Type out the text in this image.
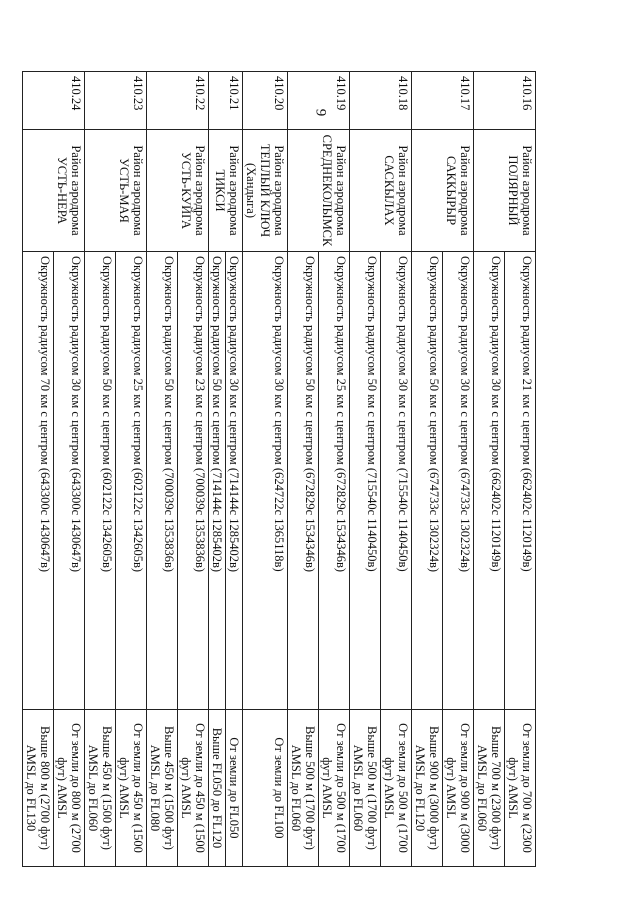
9
410.16	Район аэродрома ПОЛЯРНЫЙ	Окружность радиусом 21 км с центром (662402с 1120149в)	От земли до 700 м (2300 фут) AMSL
		Окружность радиусом 30 км с центром (662402с 1120149в)	Выше 700 м (2300 фут) AMSL до FL060
410.17	Район аэродрома САККЫРЫР	Окружность радиусом 30 км с центром (674733с 1302324в)	От земли до 900 м (3000 фут) AMSL
		Окружность радиусом 50 км с центром (674733с 1302324в)	Выше 900 м (3000 фут) AMSL до FL120
410.18	Район аэродрома САСКЫЛАХ	Окружность радиусом 30 км с центром (715540с 1140450в)	От земли до 500 м (1700 фут) AMSL
		Окружность радиусом 50 км с центром (715540с 1140450в)	Выше 500 м (1700 фут) AMSL до FL060
410.19	Район аэродрома СРЕДНЕКОЛЫМСК	Окружность радиусом 25 км с центром (672829с 1534346в)	От земли до 500 м (1700 фут) AMSL
		Окружность радиусом 50 км с центром (672829с 1534346в)	Выше 500 м (1700 фут) AMSL до FL060
410.20	Район аэродрома ТЕПЛЫЙ КЛЮЧ (Хандыга)	Окружность радиусом 30 км с центром (624722с 1365118в)	От земли до FL100
410.21	Район аэродрома ТИКСИ	Окружность радиусом 30 км с центром (714144с 1285402в)	От земли до FL050
		Окружность радиусом 50 км с центром (714144с 1285402в)	Выше FL050 до FL120
410.22	Район аэродрома УСТЬ-КУЙГА	Окружность радиусом 23 км с центром (700039с 1353836в)	От земли до 450 м (1500 фут) AMSL
		Окружность радиусом 50 км с центром (700039с 1353836в)	Выше 450 м (1500 фут) AMSL до FL080
410.23	Район аэродрома УСТЬ-МАЯ	Окружность радиусом 25 км с центром (602122с 1342605в)	От земли до 450 м (1500 фут) AMSL
		Окружность радиусом 50 км с центром (602122с 1342605в)	Выше 450 м (1500 фут) AMSL до FL060
410.24	Район аэродрома УСТЬ-НЕРА	Окружность радиусом 30 км с центром (643300с 1430647в)	От земли до 800 м (2700 фут) AMSL
		Окружность радиусом 70 км с центром (643300с 1430647в)	Выше 800 м (2700 фут) AMSL до FL130
